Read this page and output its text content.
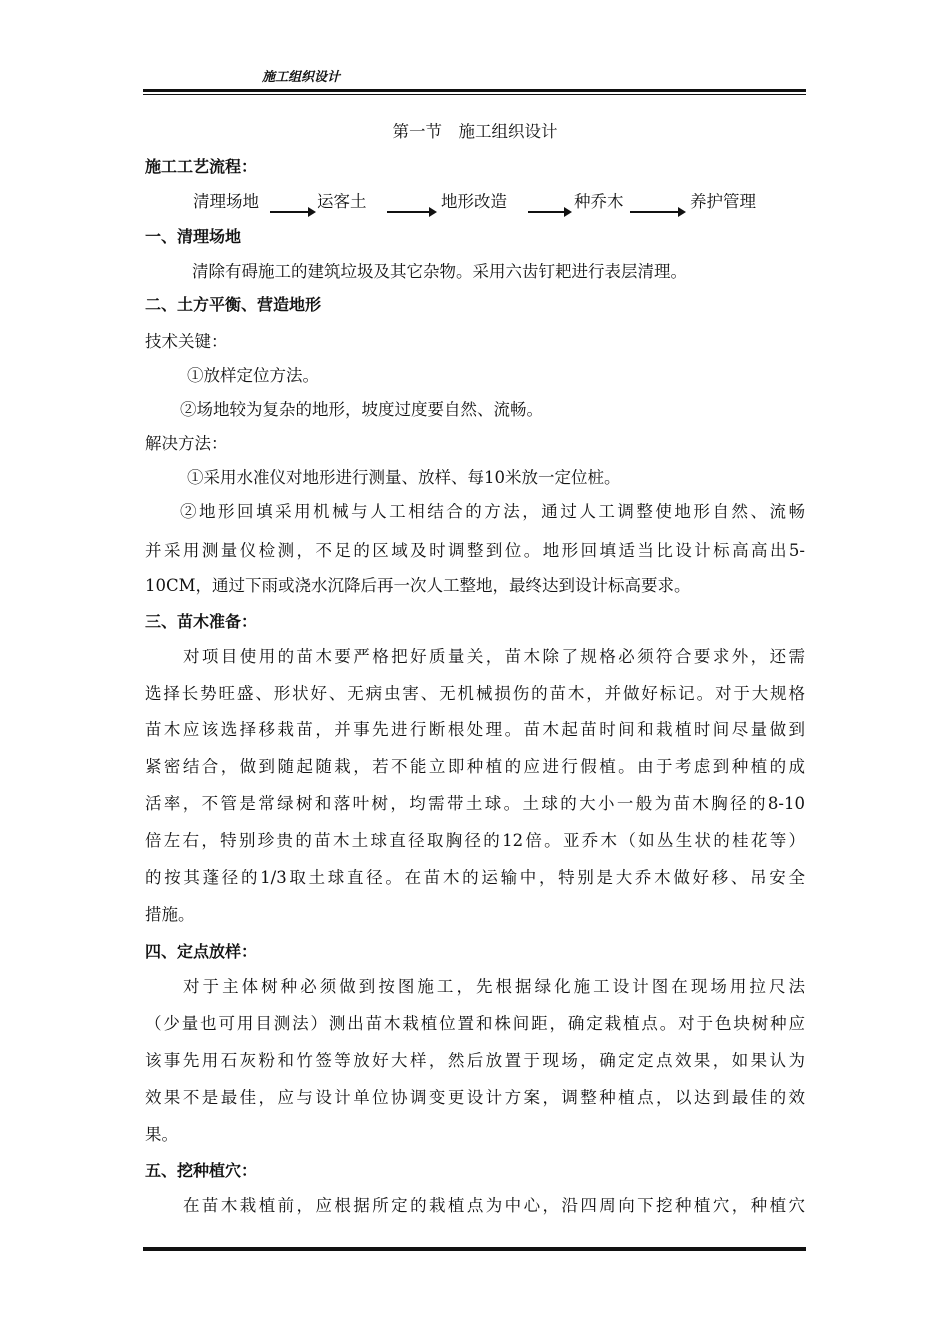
施工组织设计
第一节　施工组织设计
施工工艺流程：
清理场地	运客土	地形改造	种乔木	养护管理
一、清理场地
清除有碍施工的建筑垃圾及其它杂物。采用六齿钉耙进行表层清理。
二、土方平衡、营造地形
技术关键：
①放样定位方法。
②场地较为复杂的地形，坡度过度要自然、流畅。
解决方法：
①采用水准仪对地形进行测量、放样、每10米放一定位桩。
②地形回填采用机械与人工相结合的方法，通过人工调整使地形自然、流畅
并采用测量仪检测，不足的区域及时调整到位。地形回填适当比设计标高高出5-
10CM，通过下雨或浇水沉降后再一次人工整地，最终达到设计标高要求。
三、苗木准备：
对项目使用的苗木要严格把好质量关，苗木除了规格必须符合要求外，还需
选择长势旺盛、形状好、无病虫害、无机械损伤的苗木，并做好标记。对于大规格
苗木应该选择移栽苗，并事先进行断根处理。苗木起苗时间和栽植时间尽量做到
紧密结合，做到随起随栽，若不能立即种植的应进行假植。由于考虑到种植的成
活率，不管是常绿树和落叶树，均需带土球。土球的大小一般为苗木胸径的8-10
倍左右，特别珍贵的苗木土球直径取胸径的12倍。亚乔木（如丛生状的桂花等）
的按其蓬径的1/3取土球直径。在苗木的运输中，特别是大乔木做好移、吊安全
措施。
四、定点放样：
对于主体树种必须做到按图施工，先根据绿化施工设计图在现场用拉尺法
（少量也可用目测法）测出苗木栽植位置和株间距，确定栽植点。对于色块树种应
该事先用石灰粉和竹签等放好大样，然后放置于现场，确定定点效果，如果认为
效果不是最佳，应与设计单位协调变更设计方案，调整种植点，以达到最佳的效
果。
五、挖种植穴：
在苗木栽植前，应根据所定的栽植点为中心，沿四周向下挖种植穴，种植穴
